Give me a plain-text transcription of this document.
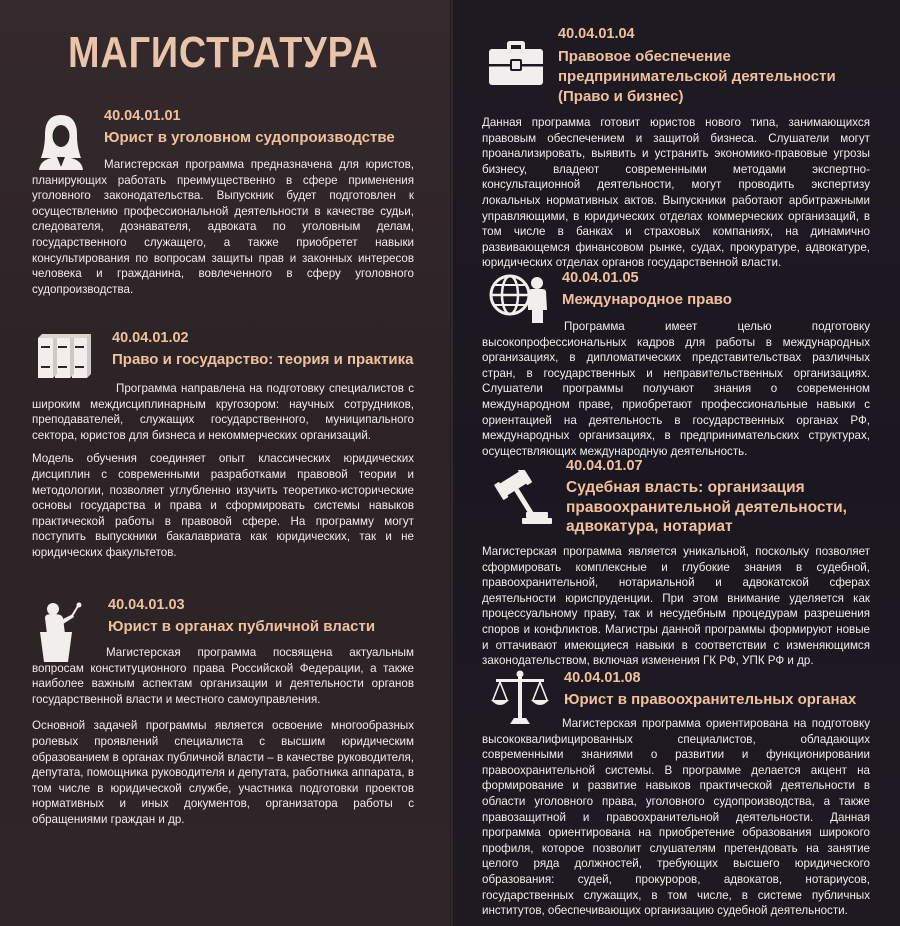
МАГИСТРАТУРА
40.04.01.01
Юрист в уголовном судопроизводстве

Магистерская программа предназначена для юристов, планирующих работать преимущественно в сфере применения уголовного законодательства. Выпускник будет подготовлен к осуществлению профессиональной деятельности в качестве судьи, следователя, дознавателя, адвоката по уголовным делам, государственного служащего, а также приобретет навыки консультирования по вопросам защиты прав и законных интересов человека и гражданина, вовлеченного в сферу уголовного судопроизводства.

40.04.01.02
Право и государство: теория и практика

Программа направлена на подготовку специалистов с широким междисциплинарным кругозором: научных сотрудников, преподавателей, служащих государственного, муниципального сектора, юристов для бизнеса и некоммерческих организаций.

Модель обучения соединяет опыт классических юридических дисциплин с современными разработками правовой теории и методологии, позволяет углубленно изучить теоретико-исторические основы государства и права и сформировать системы навыков практической работы в правовой сфере. На программу могут поступить выпускники бакалавриата как юридических, так и не юридических факультетов.

40.04.01.03
Юрист в органах публичной власти

Магистерская программа посвящена актуальным вопросам конституционного права Российской Федерации, а также наиболее важным аспектам организации и деятельности органов государственной власти и местного самоуправления.

Основной задачей программы является освоение многообразных ролевых проявлений специалиста с высшим юридическим образованием в органах публичной власти – в качестве руководителя, депутата, помощника руководителя и депутата, работника аппарата, в том числе в юридической службе, участника подготовки проектов нормативных и иных документов, организатора работы с обращениями граждан и др.

40.04.01.04
Правовое обеспечение предпринимательской деятельности (Право и бизнес)

Данная программа готовит юристов нового типа, занимающихся правовым обеспечением и защитой бизнеса. Слушатели могут проанализировать, выявить и устранить экономико-правовые угрозы бизнесу, владеют современными методами экспертно-консультационной деятельности, могут проводить экспертизу локальных нормативных актов. Выпускники работают арбитражными управляющими, в юридических отделах коммерческих организаций, в том числе в банках и страховых компаниях, на динамично развивающемся финансовом рынке, судах, прокуратуре, адвокатуре, юридических отделах органов государственной власти.

40.04.01.05
Международное право

Программа имеет целью подготовку высокопрофессиональных кадров для работы в международных организациях, в дипломатических представительствах различных стран, в государственных и неправительственных организациях. Слушатели программы получают знания о современном международном праве, приобретают профессиональные навыки с ориентацией на деятельность в государственных органах РФ, международных организациях, в предпринимательских структурах, осуществляющих международную деятельность.

40.04.01.07
Судебная власть: организация правоохранительной деятельности, адвокатура, нотариат

Магистерская программа является уникальной, поскольку позволяет сформировать комплексные и глубокие знания в судебной, правоохранительной, нотариальной и адвокатской сферах деятельности юриспруденции. При этом внимание уделяется как процессуальному праву, так и несудебным процедурам разрешения споров и конфликтов. Магистры данной программы формируют новые и оттачивают имеющиеся навыки в соответствии с изменяющимся законодательством, включая изменения ГК РФ, УПК РФ и др.

40.04.01.08
Юрист в правоохранительных органах

Магистерская программа ориентирована на подготовку высококвалифицированных специалистов, обладающих современными знаниями о развитии и функционировании правоохранительной системы. В программе делается акцент на формирование и развитие навыков практической деятельности в области уголовного права, уголовного судопроизводства, а также правозащитной и правоохранительной деятельности. Данная программа ориентирована на приобретение образования широкого профиля, которое позволит слушателям претендовать на занятие целого ряда должностей, требующих высшего юридического образования: судей, прокуроров, адвокатов, нотариусов, государственных служащих, в том числе, в системе публичных институтов, обеспечивающих организацию судебной деятельности.
